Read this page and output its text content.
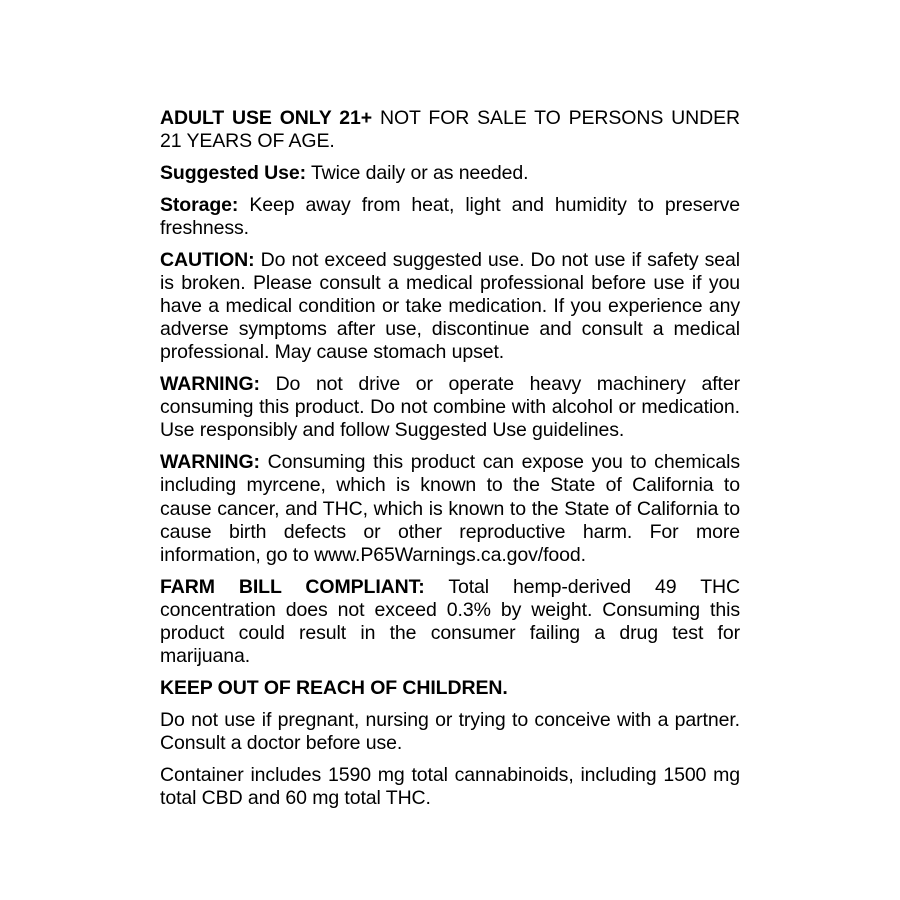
ADULT USE ONLY 21+ NOT FOR SALE TO PERSONS UNDER 21 YEARS OF AGE.

Suggested Use: Twice daily or as needed.

Storage: Keep away from heat, light and humidity to preserve freshness.

CAUTION: Do not exceed suggested use. Do not use if safety seal is broken. Please consult a medical professional before use if you have a medical condition or take medication. If you experience any adverse symptoms after use, discontinue and consult a medical professional. May cause stomach upset.

WARNING: Do not drive or operate heavy machinery after consuming this product. Do not combine with alcohol or medication. Use responsibly and follow Suggested Use guidelines.

WARNING: Consuming this product can expose you to chemicals including myrcene, which is known to the State of California to cause cancer, and THC, which is known to the State of California to cause birth defects or other reproductive harm. For more information, go to www.P65Warnings.ca.gov/food.

FARM BILL COMPLIANT: Total hemp-derived 49 THC concentration does not exceed 0.3% by weight. Consuming this product could result in the consumer failing a drug test for marijuana.

KEEP OUT OF REACH OF CHILDREN.

Do not use if pregnant, nursing or trying to conceive with a partner. Consult a doctor before use.

Container includes 1590 mg total cannabinoids, including 1500 mg total CBD and 60 mg total THC.
